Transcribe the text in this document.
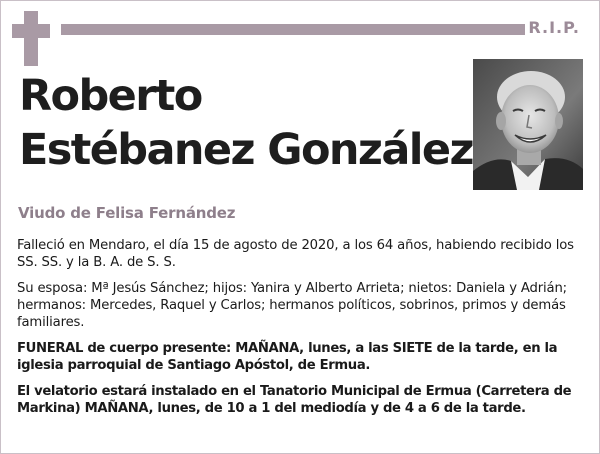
R.I.P.
Roberto
Estébanez González
Viudo de Felisa Fernández

Falleció en Mendaro, el día 15 de agosto de 2020, a los 64 años, habiendo recibido los SS. SS. y la B. A. de S. S.

Su esposa: Mª Jesús Sánchez; hijos: Yanira y Alberto Arrieta; nietos: Daniela y Adrián; hermanos: Mercedes, Raquel y Carlos; hermanos políticos, sobrinos, primos y demás familiares.

FUNERAL de cuerpo presente: MAÑANA, lunes, a las SIETE de la tarde, en la iglesia parroquial de Santiago Apóstol, de Ermua.

El velatorio estará instalado en el Tanatorio Municipal de Ermua (Carretera de Markina) MAÑANA, lunes, de 10 a 1 del mediodía y de 4 a 6 de la tarde.
